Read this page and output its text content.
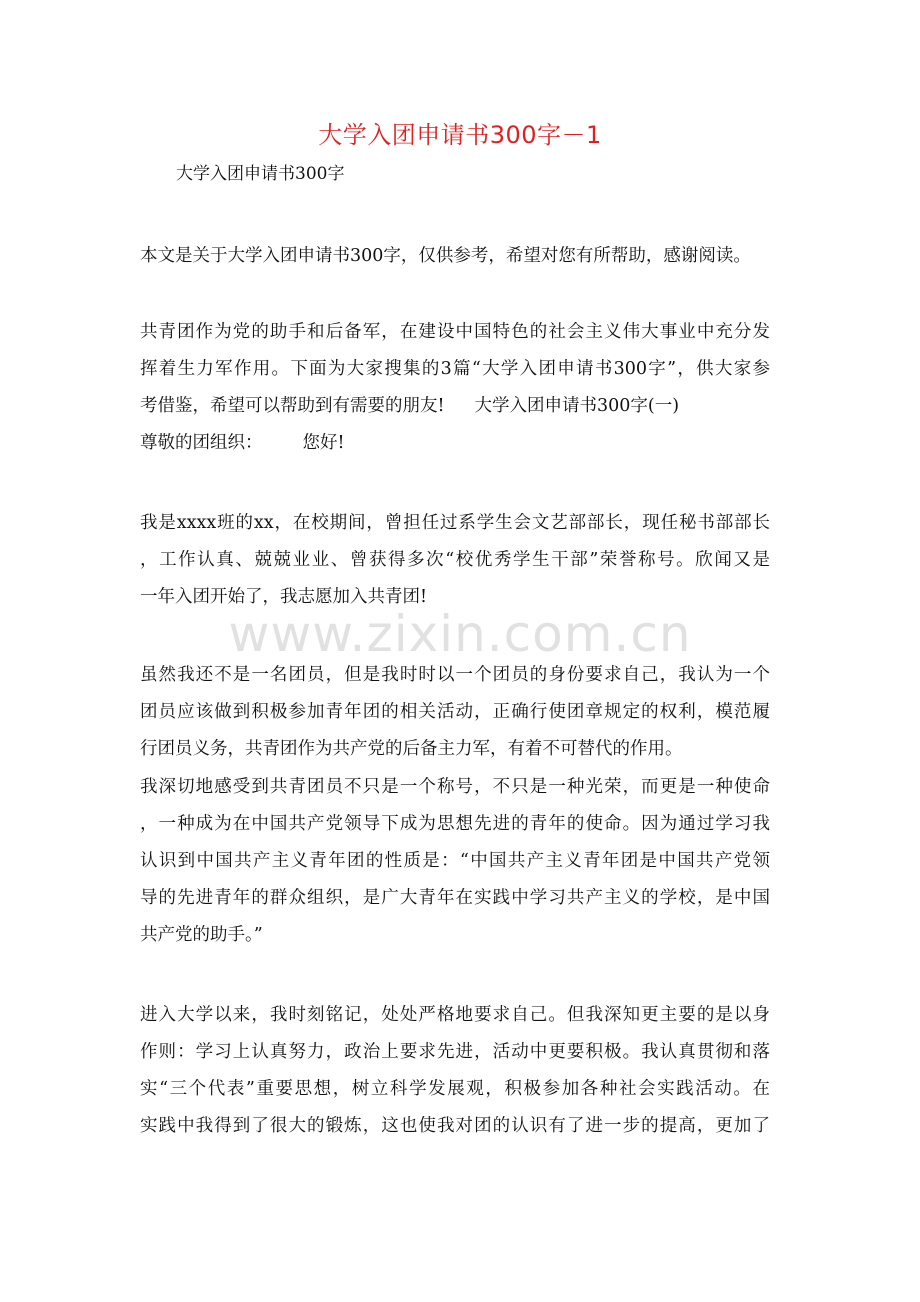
大学入团申请书300字－1
大学入团申请书300字
本文是关于大学入团申请书300字，仅供参考，希望对您有所帮助，感谢阅读。
共青团作为党的助手和后备军，在建设中国特色的社会主义伟大事业中充分发
挥着生力军作用。下面为大家搜集的3篇“大学入团申请书300字”，供大家参
考借鉴，希望可以帮助到有需要的朋友! 大学入团申请书300字(一)
尊敬的团组织： 您好!
我是xxxx班的xx，在校期间，曾担任过系学生会文艺部部长，现任秘书部部长
，工作认真、兢兢业业、曾获得多次“校优秀学生干部”荣誉称号。欣闻又是
一年入团开始了，我志愿加入共青团!
www.zixin.com.cn
虽然我还不是一名团员，但是我时时以一个团员的身份要求自己，我认为一个
团员应该做到积极参加青年团的相关活动，正确行使团章规定的权利，模范履
行团员义务，共青团作为共产党的后备主力军，有着不可替代的作用。
我深切地感受到共青团员不只是一个称号，不只是一种光荣，而更是一种使命
，一种成为在中国共产党领导下成为思想先进的青年的使命。因为通过学习我
认识到中国共产主义青年团的性质是：“中国共产主义青年团是中国共产党领
导的先进青年的群众组织，是广大青年在实践中学习共产主义的学校，是中国
共产党的助手。”
进入大学以来，我时刻铭记，处处严格地要求自己。但我深知更主要的是以身
作则：学习上认真努力，政治上要求先进，活动中更要积极。我认真贯彻和落
实“三个代表”重要思想，树立科学发展观，积极参加各种社会实践活动。在
实践中我得到了很大的锻炼，这也使我对团的认识有了进一步的提高，更加了
